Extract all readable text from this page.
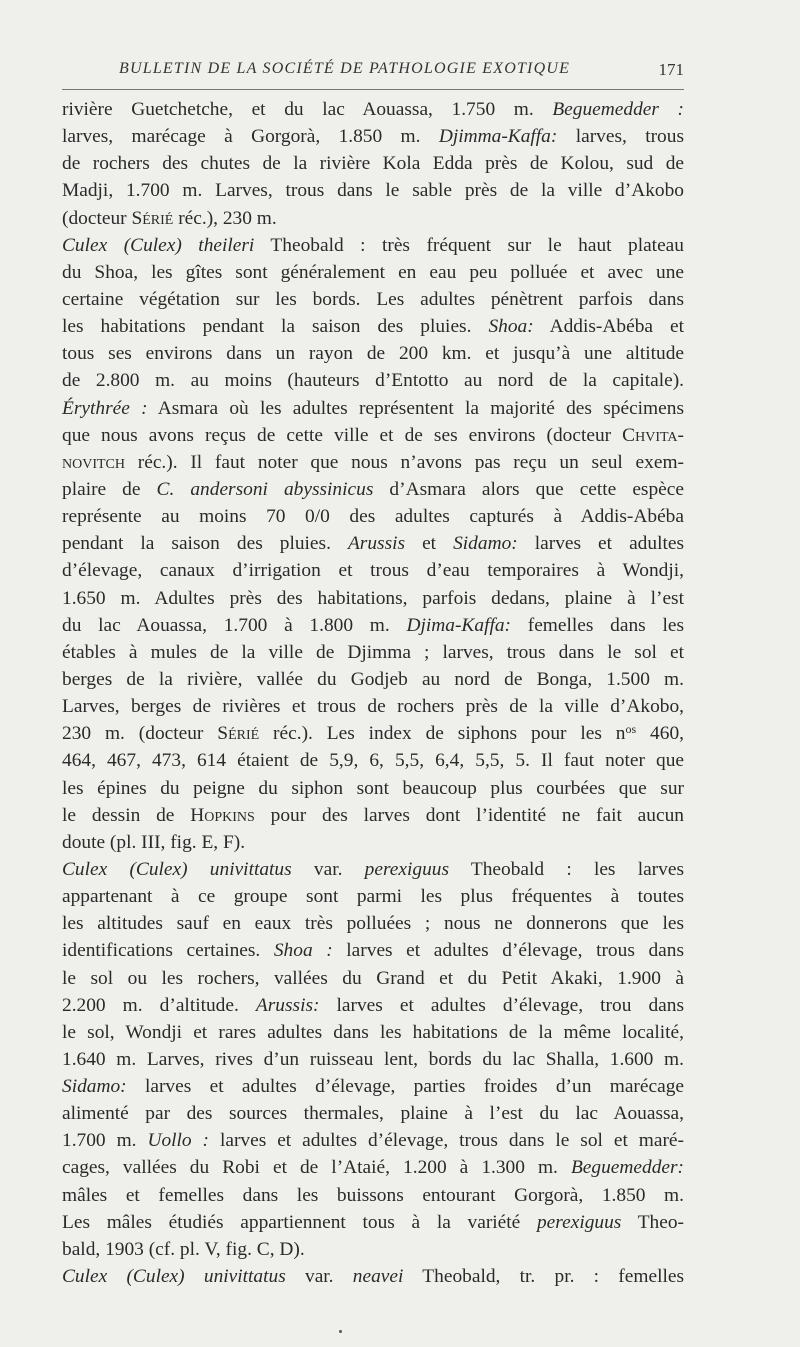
BULLETIN DE LA SOCIÉTÉ DE PATHOLOGIE EXOTIQUE	171
rivière Guetchetche, et du lac Aouassa, 1.750 m. Beguemedder :
larves, marécage à Gorgorà, 1.850 m. Djimma-Kaffa: larves, trous
de rochers des chutes de la rivière Kola Edda près de Kolou, sud de
Madji, 1.700 m. Larves, trous dans le sable près de la ville d’Akobo
(docteur Sérié réc.), 230 m.
Culex (Culex) theileri Theobald : très fréquent sur le haut plateau
du Shoa, les gîtes sont généralement en eau peu polluée et avec une
certaine végétation sur les bords. Les adultes pénètrent parfois dans
les habitations pendant la saison des pluies. Shoa: Addis-Abéba et
tous ses environs dans un rayon de 200 km. et jusqu’à une altitude
de 2.800 m. au moins (hauteurs d’Entotto au nord de la capitale).
Érythrée : Asmara où les adultes représentent la majorité des spécimens
que nous avons reçus de cette ville et de ses environs (docteur Chvita-
novitch réc.). Il faut noter que nous n’avons pas reçu un seul exem-
plaire de C. andersoni abyssinicus d’Asmara alors que cette espèce
représente au moins 70 0/0 des adultes capturés à Addis-Abéba
pendant la saison des pluies. Arussis et Sidamo: larves et adultes
d’élevage, canaux d’irrigation et trous d’eau temporaires à Wondji,
1.650 m. Adultes près des habitations, parfois dedans, plaine à l’est
du lac Aouassa, 1.700 à 1.800 m. Djima-Kaffa: femelles dans les
étables à mules de la ville de Djimma ; larves, trous dans le sol et
berges de la rivière, vallée du Godjeb au nord de Bonga, 1.500 m.
Larves, berges de rivières et trous de rochers près de la ville d’Akobo,
230 m. (docteur Sérié réc.). Les index de siphons pour les $n^{os}$ 460,
464, 467, 473, 614 étaient de 5,9, 6, 5,5, 6,4, 5,5, 5. Il faut noter que
les épines du peigne du siphon sont beaucoup plus courbées que sur
le dessin de Hopkins pour des larves dont l’identité ne fait aucun
doute (pl. III, fig. E, F).
Culex (Culex) univittatus var. perexiguus Theobald : les larves
appartenant à ce groupe sont parmi les plus fréquentes à toutes
les altitudes sauf en eaux très polluées ; nous ne donnerons que les
identifications certaines. Shoa : larves et adultes d’élevage, trous dans
le sol ou les rochers, vallées du Grand et du Petit Akaki, 1.900 à
2.200 m. d’altitude. Arussis: larves et adultes d’élevage, trou dans
le sol, Wondji et rares adultes dans les habitations de la même localité,
1.640 m. Larves, rives d’un ruisseau lent, bords du lac Shalla, 1.600 m.
Sidamo: larves et adultes d’élevage, parties froides d’un marécage
alimenté par des sources thermales, plaine à l’est du lac Aouassa,
1.700 m. Uollo : larves et adultes d’élevage, trous dans le sol et maré-
cages, vallées du Robi et de l’Ataié, 1.200 à 1.300 m. Beguemedder:
mâles et femelles dans les buissons entourant Gorgorà, 1.850 m.
Les mâles étudiés appartiennent tous à la variété perexiguus Theo-
bald, 1903 (cf. pl. V, fig. C, D).
Culex (Culex) univittatus var. neavei Theobald, tr. pr. : femelles
